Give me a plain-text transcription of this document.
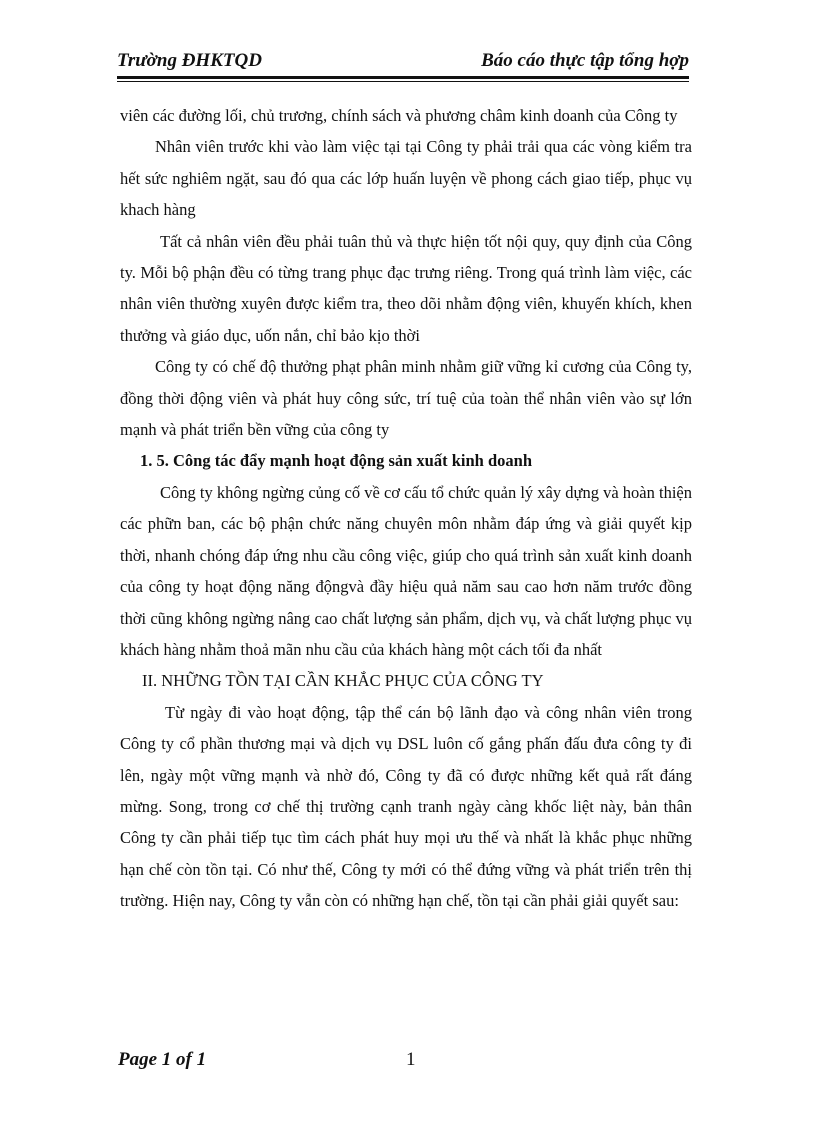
Trường ĐHKTQD	Báo cáo thực tập tổng hợp

viên các đường lối, chủ trương, chính sách và phương châm kinh doanh của Công ty

Nhân viên trước khi vào làm việc tại tại Công ty phải trải qua các vòng kiểm tra hết sức nghiêm ngặt, sau đó qua các lớp huấn luyện về phong cách giao tiếp, phục vụ khach hàng

Tất cả nhân viên đều phải tuân thủ và thực hiện tốt nội quy, quy định của Công ty. Mỗi bộ phận đều có từng trang phục đạc trưng riêng. Trong quá trình làm việc, các nhân viên thường xuyên được kiểm tra, theo dõi nhằm động viên, khuyến khích, khen thưởng và giáo dục, uốn nắn, chỉ bảo kịo thời

Công ty có chế độ thưởng phạt phân minh nhằm giữ vững kỉ cương của Công ty, đồng thời động viên và phát huy công sức, trí tuệ của toàn thể nhân viên vào sự lớn mạnh và phát triển bền vững của công ty

1. 5. Công tác đẩy mạnh hoạt động sản xuất kinh doanh

Công ty không ngừng củng cố về cơ cấu tổ chức quản lý xây dựng và hoàn thiện các phữn ban, các bộ phận chức năng chuyên môn nhằm đáp ứng và giải quyết kịp thời, nhanh chóng đáp ứng nhu cầu công việc, giúp cho quá trình sản xuất kinh doanh của công ty hoạt động năng độngvà đầy hiệu quả năm sau cao hơn năm trước đồng thời cũng không ngừng nâng cao chất lượng sản phẩm, dịch vụ, và chất lượng phục vụ khách hàng nhằm thoả mãn nhu cầu của khách hàng một cách tối đa nhất

II. NHỮNG TỒN TẠI CẦN KHẮC PHỤC CỦA CÔNG TY

Từ ngày đi vào hoạt động, tập thể cán bộ lãnh đạo và công nhân viên trong Công ty cổ phần thương mại và dịch vụ DSL luôn cố gắng phấn đấu đưa công ty đi lên, ngày một vững mạnh và nhờ đó, Công ty đã có được những kết quả rất đáng mừng. Song, trong cơ chế thị trường cạnh tranh ngày càng khốc liệt này, bản thân Công ty cần phải tiếp tục tìm cách phát huy mọi ưu thế và nhất là khắc phục những hạn chế còn tồn tại. Có như thế, Công ty mới có thể đứng vững và phát triển trên thị trường. Hiện nay, Công ty vẫn còn có những hạn chế, tồn tại cần phải giải quyết sau:

Page 1 of 1	1
